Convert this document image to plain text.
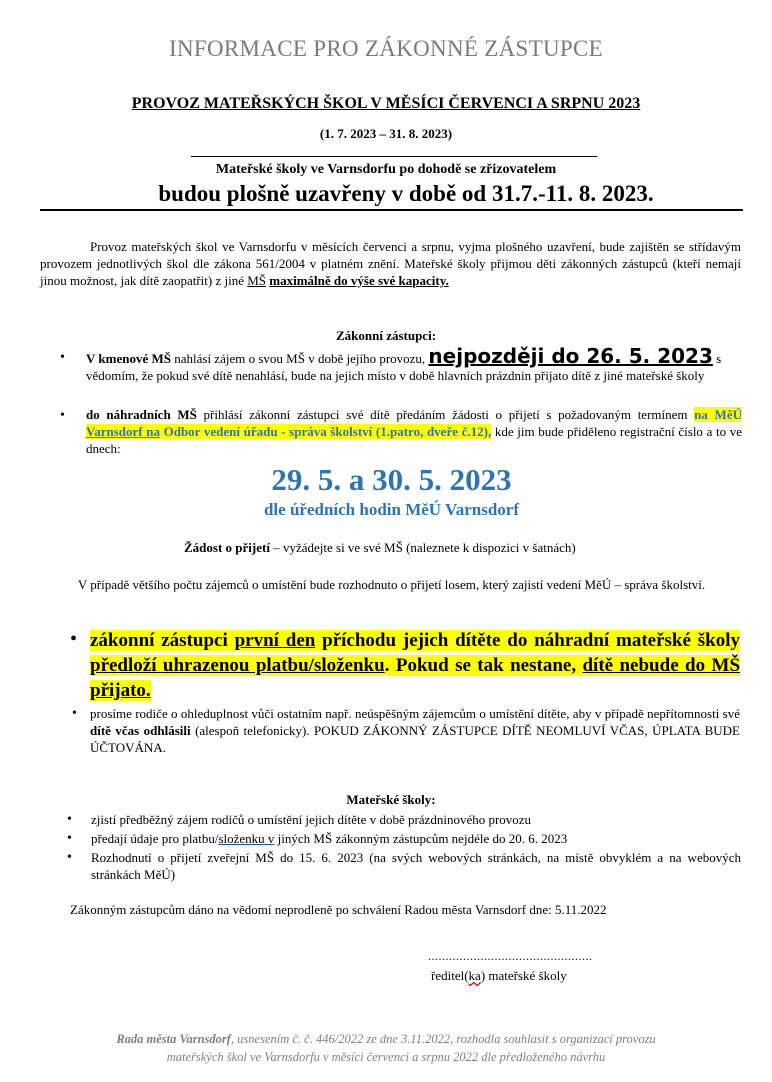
INFORMACE PRO ZÁKONNÉ ZÁSTUPCE
PROVOZ MATEŘSKÝCH ŠKOL V MĚSÍCI ČERVENCI A SRPNU 2023
(1. 7. 2023 – 31. 8. 2023)
Mateřské školy ve Varnsdorfu po dohodě se zřizovatelem
budou plošně uzavřeny v době od 31.7.-11. 8. 2023.
Provoz mateřských škol ve Varnsdorfu v měsících červenci a srpnu, vyjma plošného uzavření, bude zajištěn se střídavým provozem jednotlivých škol dle zákona 561/2004 v platném znění. Mateřské školy přijmou děti zákonných zástupců (kteří nemají jinou možnost, jak dítě zaopatřit) z jiné MŠ maximálně do výše své kapacity.
Zákonní zástupci:
• V kmenové MŠ nahlásí zájem o svou MŠ v době jejího provozu, nejpozději do 26. 5. 2023 s vědomím, že pokud své dítě nenahlásí, bude na jejich místo v době hlavních prázdnin přijato dítě z jiné mateřské školy
• do náhradních MŠ přihlásí zákonní zástupci své dítě předáním žádosti o přijetí s požadovaným termínem na MěÚ Varnsdorf na Odbor vedení úřadu - správa školství (1.patro, dveře č.12), kde jim bude přiděleno registrační číslo a to ve dnech:
29. 5. a 30. 5. 2023
dle úředních hodin MěÚ Varnsdorf
Žádost o přijetí – vyžádejte si ve své MŠ (naleznete k dispozici v šatnách)
V případě většího počtu zájemců o umístění bude rozhodnuto o přijetí losem, který zajistí vedení MěÚ – správa školství.
• zákonní zástupci první den příchodu jejich dítěte do náhradní mateřské školy předloží uhrazenou platbu/složenku. Pokud se tak nestane, dítě nebude do MŠ přijato.
• prosíme rodiče o ohleduplnost vůči ostatním např. neúspěšným zájemcům o umístění dítěte, aby v případě nepřítomnosti své dítě včas odhlásili (alespoň telefonicky). POKUD ZÁKONNÝ ZÁSTUPCE DÍTĚ NEOMLUVÍ VČAS, ÚPLATA BUDE ÚČTOVÁNA.
Mateřské školy:
• zjistí předběžný zájem rodičů o umístění jejich dítěte v době prázdninového provozu
• předají údaje pro platbu/složenku v jiných MŠ zákonným zástupcům nejdéle do 20. 6. 2023
• Rozhodnutí o přijetí zveřejní MŠ do 15. 6. 2023 (na svých webových stránkách, na místě obvyklém a na webových stránkách MěÚ)
Zákonným zástupcům dáno na vědomí neprodleně po schválení Radou města Varnsdorf dne: 5.11.2022
...............................................
ředitel(ka) mateřské školy
Rada města Varnsdorf, usnesením č. č. 446/2022 ze dne 3.11.2022, rozhodla souhlasit s organizací provozu
mateřských škol ve Varnsdorfu v měsíci červenci a srpnu 2022 dle předloženého návrhu
